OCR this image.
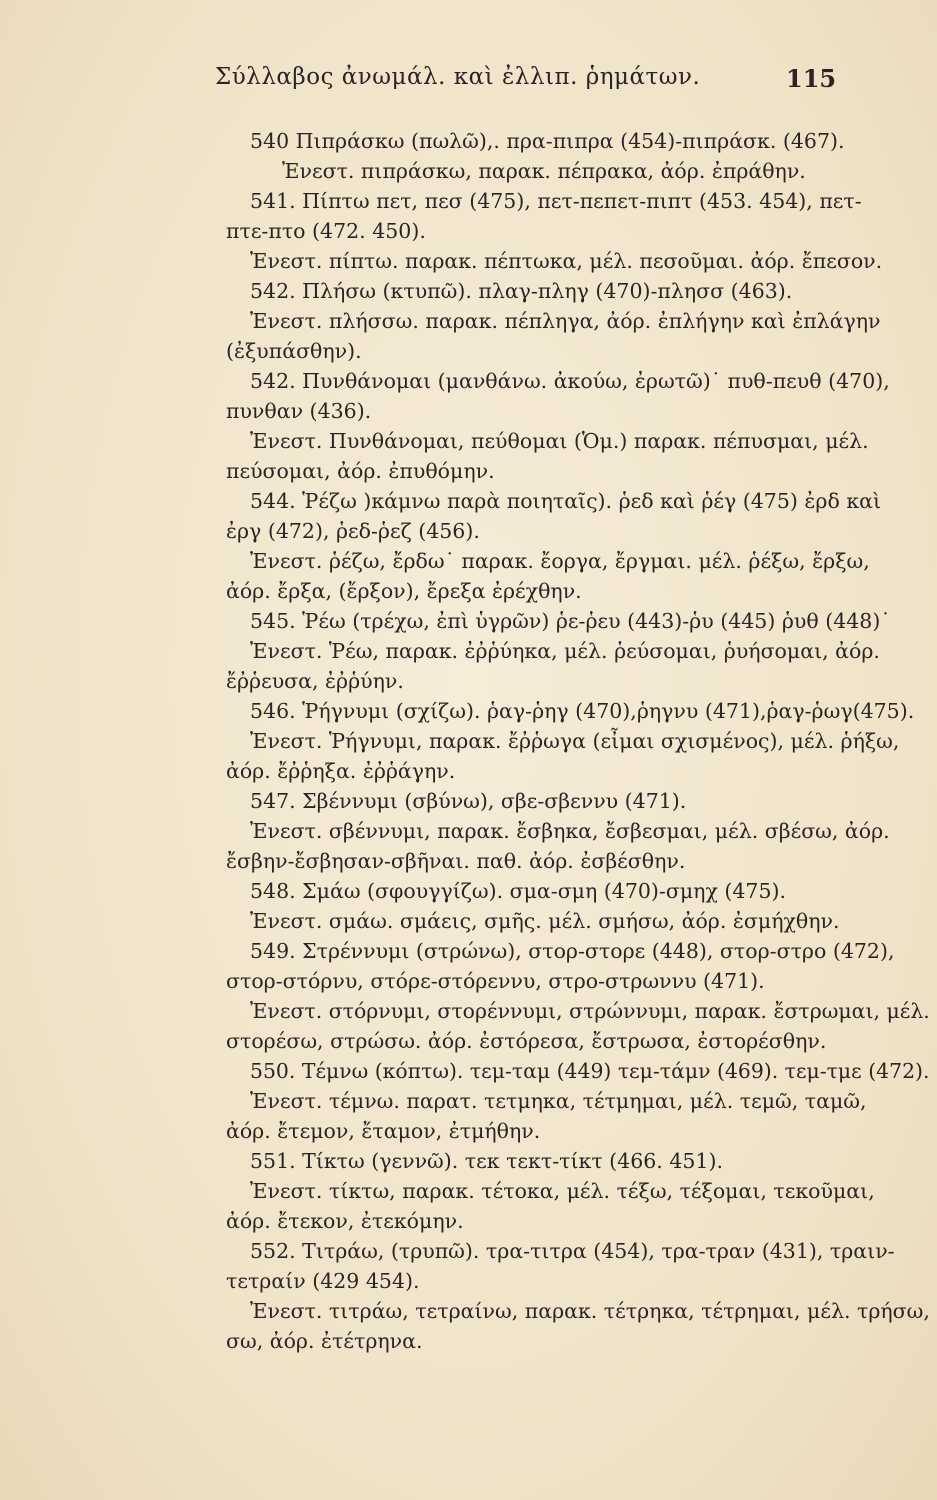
Σύλλαβος ἀνωμάλ. καὶ ἐλλιπ. ῥημάτων.	115
540 Πιπράσκω (πωλῶ),. πρα-πιπρα (454)-πιπράσκ. (467).
Ἐνεστ. πιπράσκω, παρακ. πέπρακα, ἀόρ. ἐπράθην.
541. Πίπτω πετ, πεσ (475), πετ-πεπετ-πιπτ (453. 454), πετ-
πτε-πτο (472. 450).
Ἐνεστ. πίπτω. παρακ. πέπτωκα, μέλ. πεσοῦμαι. ἀόρ. ἔπεσον.
542. Πλήσω (κτυπῶ). πλαγ-πληγ (470)-πλησσ (463).
Ἐνεστ. πλήσσω. παρακ. πέπληγα, ἀόρ. ἐπλήγην καὶ ἐπλάγην
(ἐξυπάσθην).
542. Πυνθάνομαι (μανθάνω. ἀκούω, ἐρωτῶ)˙ πυθ-πευθ (470),
πυνθαν (436).
Ἐνεστ. Πυνθάνομαι, πεύθομαι (Ὁμ.) παρακ. πέπυσμαι, μέλ.
πεύσομαι, ἀόρ. ἐπυθόμην.
544. Ῥέζω )κάμνω παρὰ ποιηταῖς). ῥεδ καὶ ῥέγ (475) ἐρδ καὶ
ἐργ (472), ῥεδ-ῥεζ (456).
Ἐνεστ. ῥέζω, ἔρδω˙ παρακ. ἔοργα, ἔργμαι. μέλ. ῥέξω, ἔρξω,
ἀόρ. ἔρξα, (ἔρξον), ἔρεξα ἐρέχθην.
545. Ῥέω (τρέχω, ἐπὶ ὑγρῶν) ῥε-ῥευ (443)-ῥυ (445) ῥυθ (448)˙
Ἐνεστ. Ῥέω, παρακ. ἐῤῥύηκα, μέλ. ῥεύσομαι, ῥυήσομαι, ἀόρ.
ἔῤῥευσα, ἐῤῥύην.
546. Ῥήγνυμι (σχίζω). ῥαγ-ῥηγ (470),ῥηγνυ (471),ῥαγ-ῥωγ(475).
Ἐνεστ. Ῥήγνυμι, παρακ. ἔῤῥωγα (εἶμαι σχισμένος), μέλ. ῥήξω,
ἀόρ. ἔῤῥηξα. ἐῤῥάγην.
547. Σβέννυμι (σβύνω), σβε-σβεννυ (471).
Ἐνεστ. σβέννυμι, παρακ. ἔσβηκα, ἔσβεσμαι, μέλ. σβέσω, ἀόρ.
ἔσβην-ἔσβησαν-σβῆναι. παθ. ἀόρ. ἐσβέσθην.
548. Σμάω (σφουγγίζω). σμα-σμη (470)-σμηχ (475).
Ἐνεστ. σμάω. σμάεις, σμῆς. μέλ. σμήσω, ἀόρ. ἐσμήχθην.
549. Στρέννυμι (στρώνω), στορ-στορε (448), στορ-στρο (472),
στορ-στόρνυ, στόρε-στόρεννυ, στρο-στρωννυ (471).
Ἐνεστ. στόρνυμι, στορέννυμι, στρώννυμι, παρακ. ἔστρωμαι, μέλ.
στορέσω, στρώσω. ἀόρ. ἐστόρεσα, ἔστρωσα, ἐστορέσθην.
550. Τέμνω (κόπτω). τεμ-ταμ (449) τεμ-τάμν (469). τεμ-τμε (472).
Ἐνεστ. τέμνω. παρατ. τετμηκα, τέτμημαι, μέλ. τεμῶ, ταμῶ,
ἀόρ. ἔτεμον, ἔταμον, ἐτμήθην.
551. Τίκτω (γεννῶ). τεκ τεκτ-τίκτ (466. 451).
Ἐνεστ. τίκτω, παρακ. τέτοκα, μέλ. τέξω, τέξομαι, τεκοῦμαι,
ἀόρ. ἔτεκον, ἐτεκόμην.
552. Τιτράω, (τρυπῶ). τρα-τιτρα (454), τρα-τραν (431), τραιν-
τετραίν (429 454).
Ἐνεστ. τιτράω, τετραίνω, παρακ. τέτρηκα, τέτρημαι, μέλ. τρήσω,
σω, ἀόρ. ἐτέτρηνα.
